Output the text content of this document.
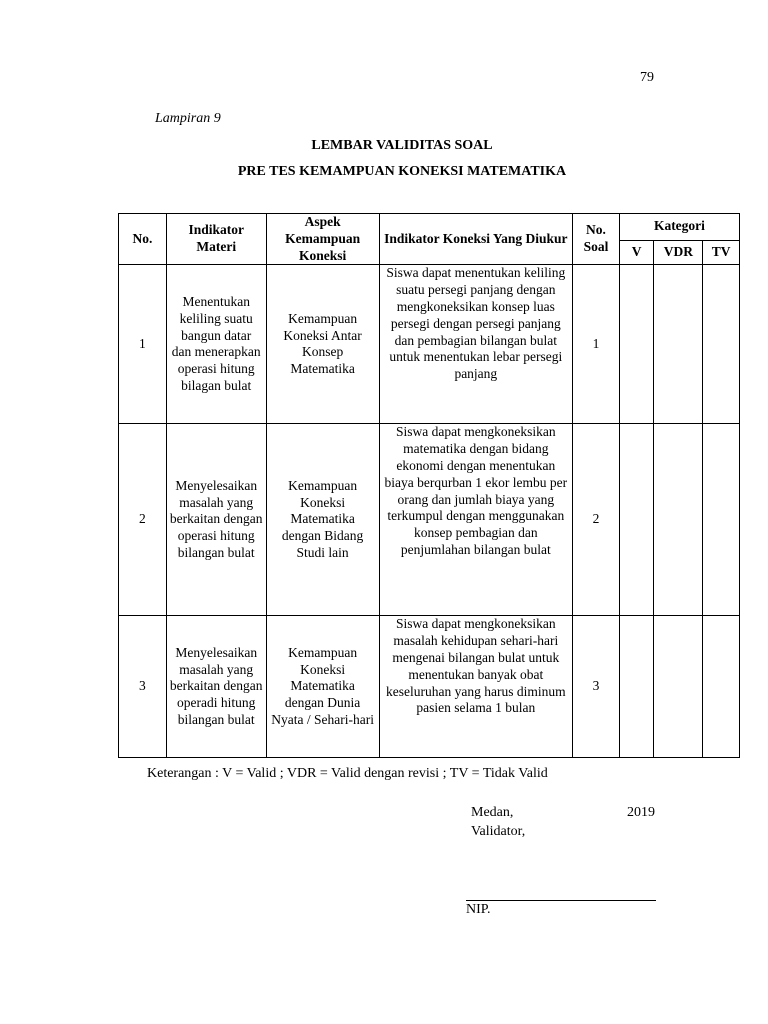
79
Lampiran 9
LEMBAR VALIDITAS SOAL
PRE TES KEMAMPUAN KONEKSI MATEMATIKA
No.	Indikator Materi	Aspek Kemampuan Koneksi	Indikator Koneksi Yang Diukur	No. Soal	Kategori		
					V	VDR	TV
1	Menentukan keliling suatu bangun datar dan menerapkan operasi hitung bilagan bulat	Kemampuan Koneksi Antar Konsep Matematika	Siswa dapat menentukan keliling suatu persegi panjang dengan mengkoneksikan konsep luas persegi dengan persegi panjang dan pembagian bilangan bulat untuk menentukan lebar persegi panjang	1			
2	Menyelesaikan masalah yang berkaitan dengan operasi hitung bilangan bulat	Kemampuan Koneksi Matematika dengan Bidang Studi lain	Siswa dapat mengkoneksikan matematika dengan bidang ekonomi dengan menentukan biaya berqurban 1 ekor lembu per orang dan jumlah biaya yang terkumpul dengan menggunakan konsep pembagian dan penjumlahan bilangan bulat	2			
3	Menyelesaikan masalah yang berkaitan dengan operadi hitung bilangan bulat	Kemampuan Koneksi Matematika dengan Dunia Nyata / Sehari-hari	Siswa dapat mengkoneksikan masalah kehidupan sehari-hari mengenai bilangan bulat untuk menentukan banyak obat keseluruhan yang harus diminum pasien selama 1 bulan	3			
Keterangan : V = Valid ; VDR = Valid dengan revisi ; TV = Tidak Valid
Medan,	2019
Validator,
NIP.
